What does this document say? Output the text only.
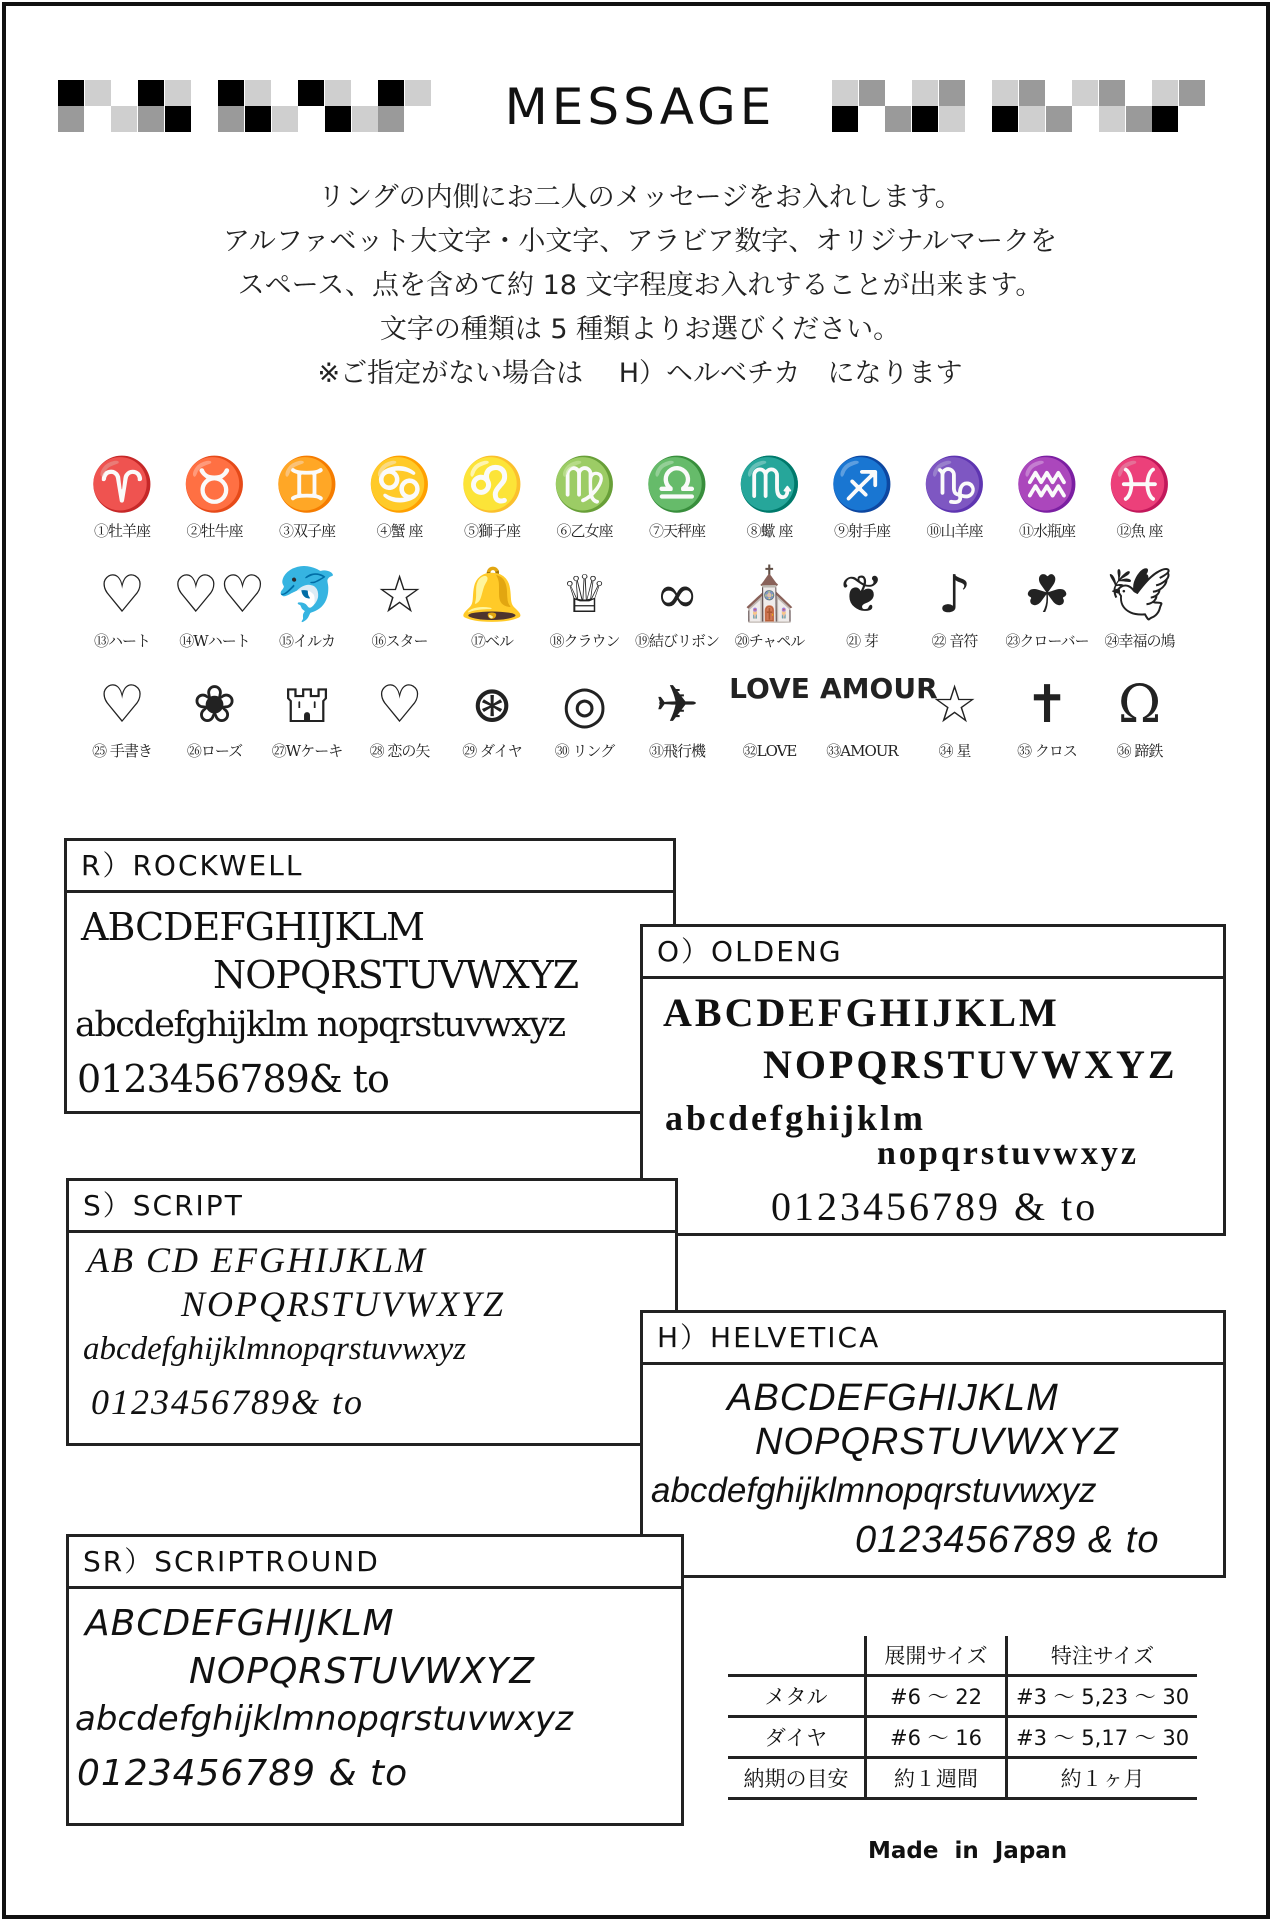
MESSAGE
リングの内側にお二人のメッセージをお入れします。
アルファベット大文字・小文字、アラビア数字、オリジナルマークを
スペース、点を含めて約 18 文字程度お入れすることが出来ます。
文字の種類は 5 種類よりお選びください。
※ご指定がない場合は　 H）ヘルベチカ　になります
♈
①牡羊座
♉
②牡牛座
♊
③双子座
♋
④蟹 座
♌
⑤獅子座
♍
⑥乙女座
♎
⑦天秤座
♏
⑧蠍 座
♐
⑨射手座
♑
⑩山羊座
♒
⑪水瓶座
♓
⑫魚 座
♡
⑬ハート
♡♡
⑭Wハート
🐬
⑮イルカ
☆
⑯スター
🔔
⑰ベル
♕
⑱クラウン
∞
⑲結びリボン
⛪
⑳チャペル
❦
㉑ 芽
♪
㉒ 音符
☘
㉓クローバー
🕊
㉔幸福の鳩
♡
㉕ 手書き
❀
㉖ローズ
⛫
㉗Wケーキ
♡
㉘ 恋の矢
⊛
㉙ ダイヤ
◎
㉚ リング
✈
㉛飛行機
LOVE
㉜LOVE
AMOUR
㉝AMOUR
☆
㉞ 星
✝
㉟ クロス
Ω
㊱ 蹄鉄
R）ROCKWELL
ABCDEFGHIJKLM
NOPQRSTUVWXYZ
abcdefghijklm nopqrstuvwxyz
0123456789& to
O）OLDENG
ABCDEFGHIJKLM
NOPQRSTUVWXYZ
abcdefghijklm
nopqrstuvwxyz
0123456789 & to
S）SCRIPT
AB CD EFGHIJKLM
NOPQRSTUVWXYZ
abcdefghijklmnopqrstuvwxyz
0123456789& to
H）HELVETICA
ABCDEFGHIJKLM
NOPQRSTUVWXYZ
abcdefghijklmnopqrstuvwxyz
0123456789 & to
SR）SCRIPTROUND
ABCDEFGHIJKLM
NOPQRSTUVWXYZ
abcdefghijklmnopqrstuvwxyz
0123456789 & to
	展開サイズ	特注サイズ
メタル	#6 ～ 22	#3 ～ 5,23 ～ 30
ダイヤ	#6 ～ 16	#3 ～ 5,17 ～ 30
納期の目安	約１週間	約１ヶ月
Made in Japan
